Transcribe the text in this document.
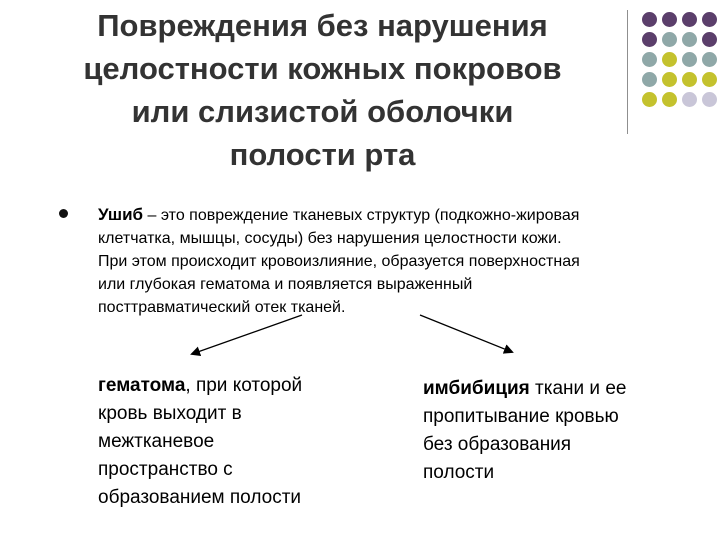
Повреждения без нарушения
целостности кожных покровов
или слизистой оболочки
полости рта
Ушиб – это повреждение тканевых структур (подкожно-жировая
клетчатка, мышцы, сосуды) без нарушения целостности кожи.
При этом происходит кровоизлияние, образуется поверхностная
или глубокая гематома и появляется выраженный
посттравматический отек тканей.
гематома, при которой
кровь выходит в
межтканевое
пространство с
образованием полости
имбибиция ткани и ее
пропитывание кровью
без образования
полости
